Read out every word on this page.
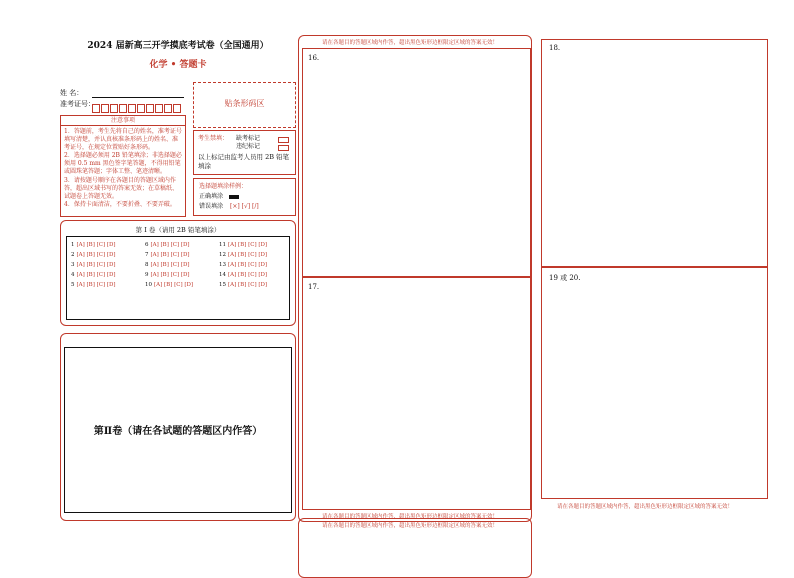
2024 届新高三开学摸底考试卷（全国通用）
化学 • 答题卡
姓 名：
准考证号：	贴条形码区
注意事项
1．答题前，考生先将自己的姓名，准考证号填写清楚，并认真核准条形码上的姓名、准考证号，在规定位置贴好条形码。
2．选择题必须用 2B 铅笔填涂；非选择题必须用 0.5 mm 黑色签字笔答题，不得用铅笔或圆珠笔答题；字体工整、笔迹清晰。
3．请按题号顺序在各题目的答题区域内作答，超出区域书写的答案无效；在草稿纸、试题卷上答题无效。
4．保持卡面清洁，不要折叠、不要弄破。
考生禁填： 缺考标记
违纪标记
以上标记由监考人员用 2B 铅笔填涂
选择题填涂样例：
正确填涂
错误填涂 [×] [√] [/]
第 I 卷（请用 2B 铅笔填涂）
1 [A] [B] [C] [D]
2 [A] [B] [C] [D]
3 [A] [B] [C] [D]
4 [A] [B] [C] [D]
5 [A] [B] [C] [D]
6 [A] [B] [C] [D]
7 [A] [B] [C] [D]
8 [A] [B] [C] [D]
9 [A] [B] [C] [D]
10 [A] [B] [C] [D]
11 [A] [B] [C] [D]
12 [A] [B] [C] [D]
13 [A] [B] [C] [D]
14 [A] [B] [C] [D]
15 [A] [B] [C] [D]
第Ⅱ卷（请在各试题的答题区内作答）
请在各题目的答题区域内作答，超出黑色矩形边框限定区域的答案无效！
16.
17.
请在各题目的答题区域内作答，超出黑色矩形边框限定区域的答案无效！
请在各题目的答题区域内作答，超出黑色矩形边框限定区域的答案无效！
18.
19 或 20.
请在各题目的答题区域内作答，超出黑色矩形边框限定区域的答案无效！
